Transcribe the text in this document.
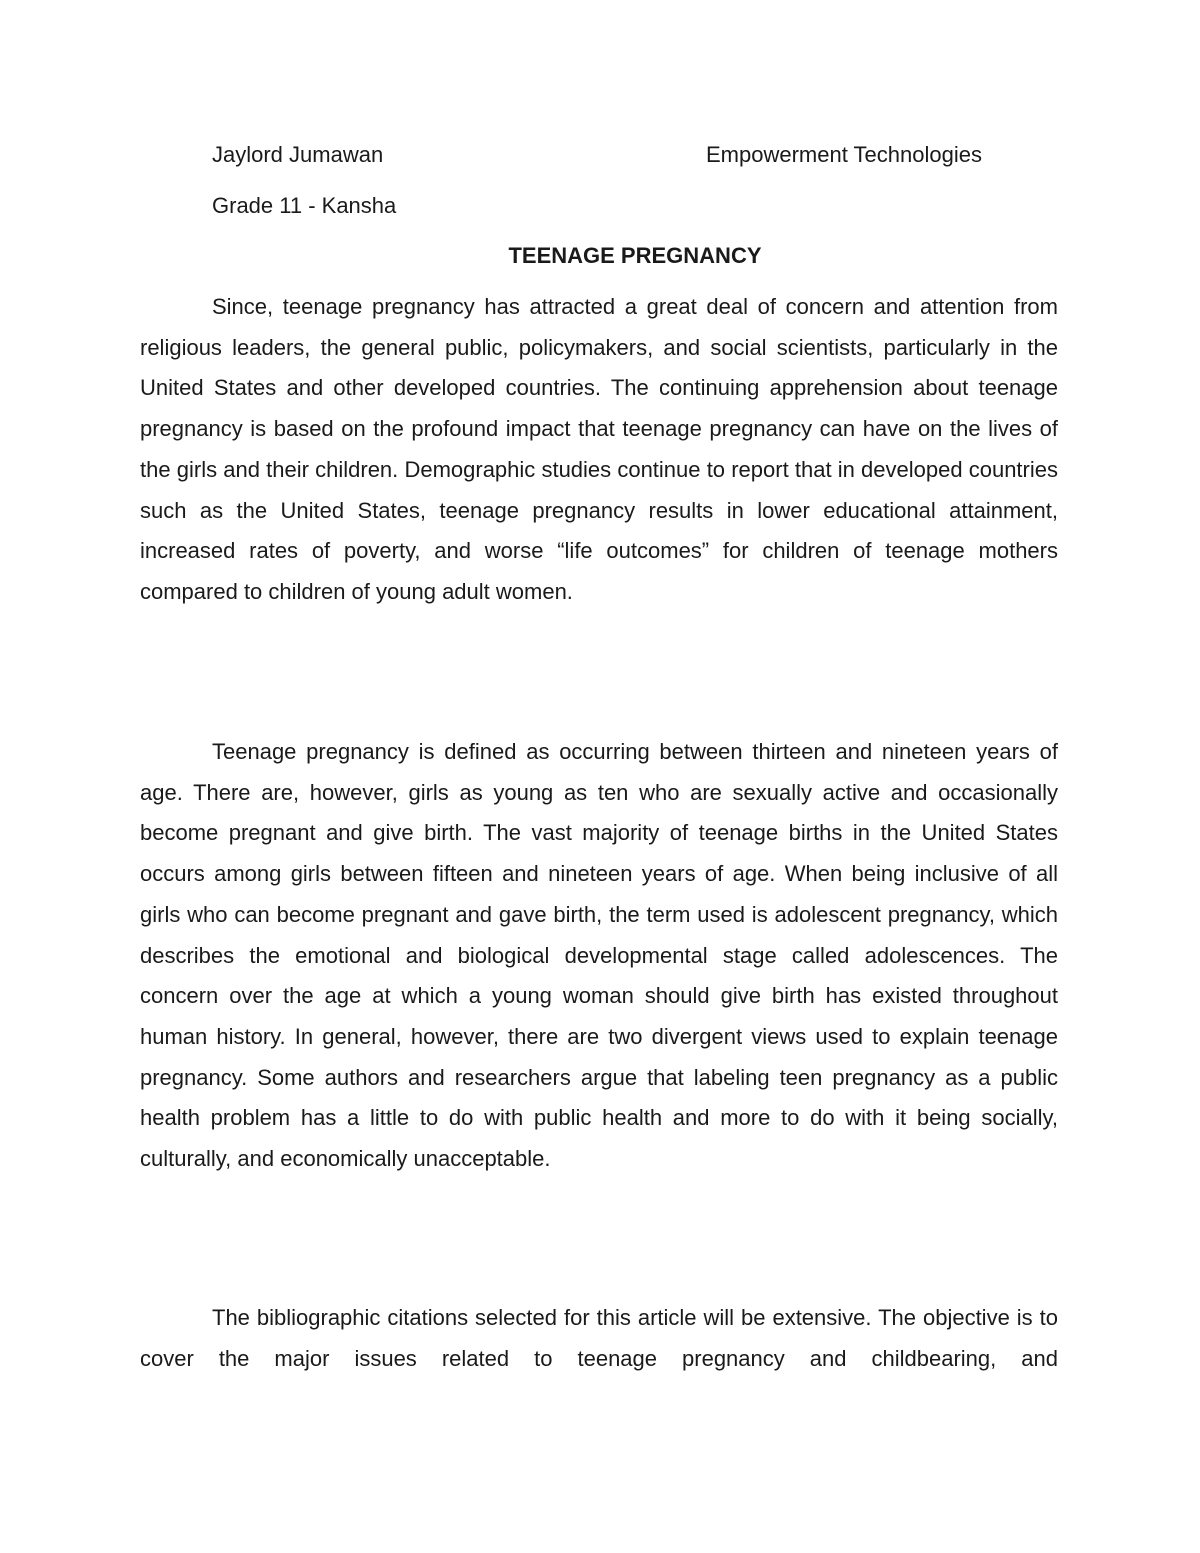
Jaylord Jumawan	Empowerment Technologies
Grade 11 - Kansha
TEENAGE PREGNANCY

Since, teenage pregnancy has attracted a great deal of concern and attention from religious leaders, the general public, policymakers, and social scientists, particularly in the United States and other developed countries. The continuing apprehension about teenage pregnancy is based on the profound impact that teenage pregnancy can have on the lives of the girls and their children. Demographic studies continue to report that in developed countries such as the United States, teenage pregnancy results in lower educational attainment, increased rates of poverty, and worse “life outcomes” for children of teenage mothers compared to children of young adult women.

Teenage pregnancy is defined as occurring between thirteen and nineteen years of age. There are, however, girls as young as ten who are sexually active and occasionally become pregnant and give birth. The vast majority of teenage births in the United States occurs among girls between fifteen and nineteen years of age. When being inclusive of all girls who can become pregnant and gave birth, the term used is adolescent pregnancy, which describes the emotional and biological developmental stage called adolescences. The concern over the age at which a young woman should give birth has existed throughout human history. In general, however, there are two divergent views used to explain teenage pregnancy. Some authors and researchers argue that labeling teen pregnancy as a public health problem has a little to do with public health and more to do with it being socially, culturally, and economically unacceptable.

The bibliographic citations selected for this article will be extensive. The objective is to cover the major issues related to teenage pregnancy and childbearing, and
